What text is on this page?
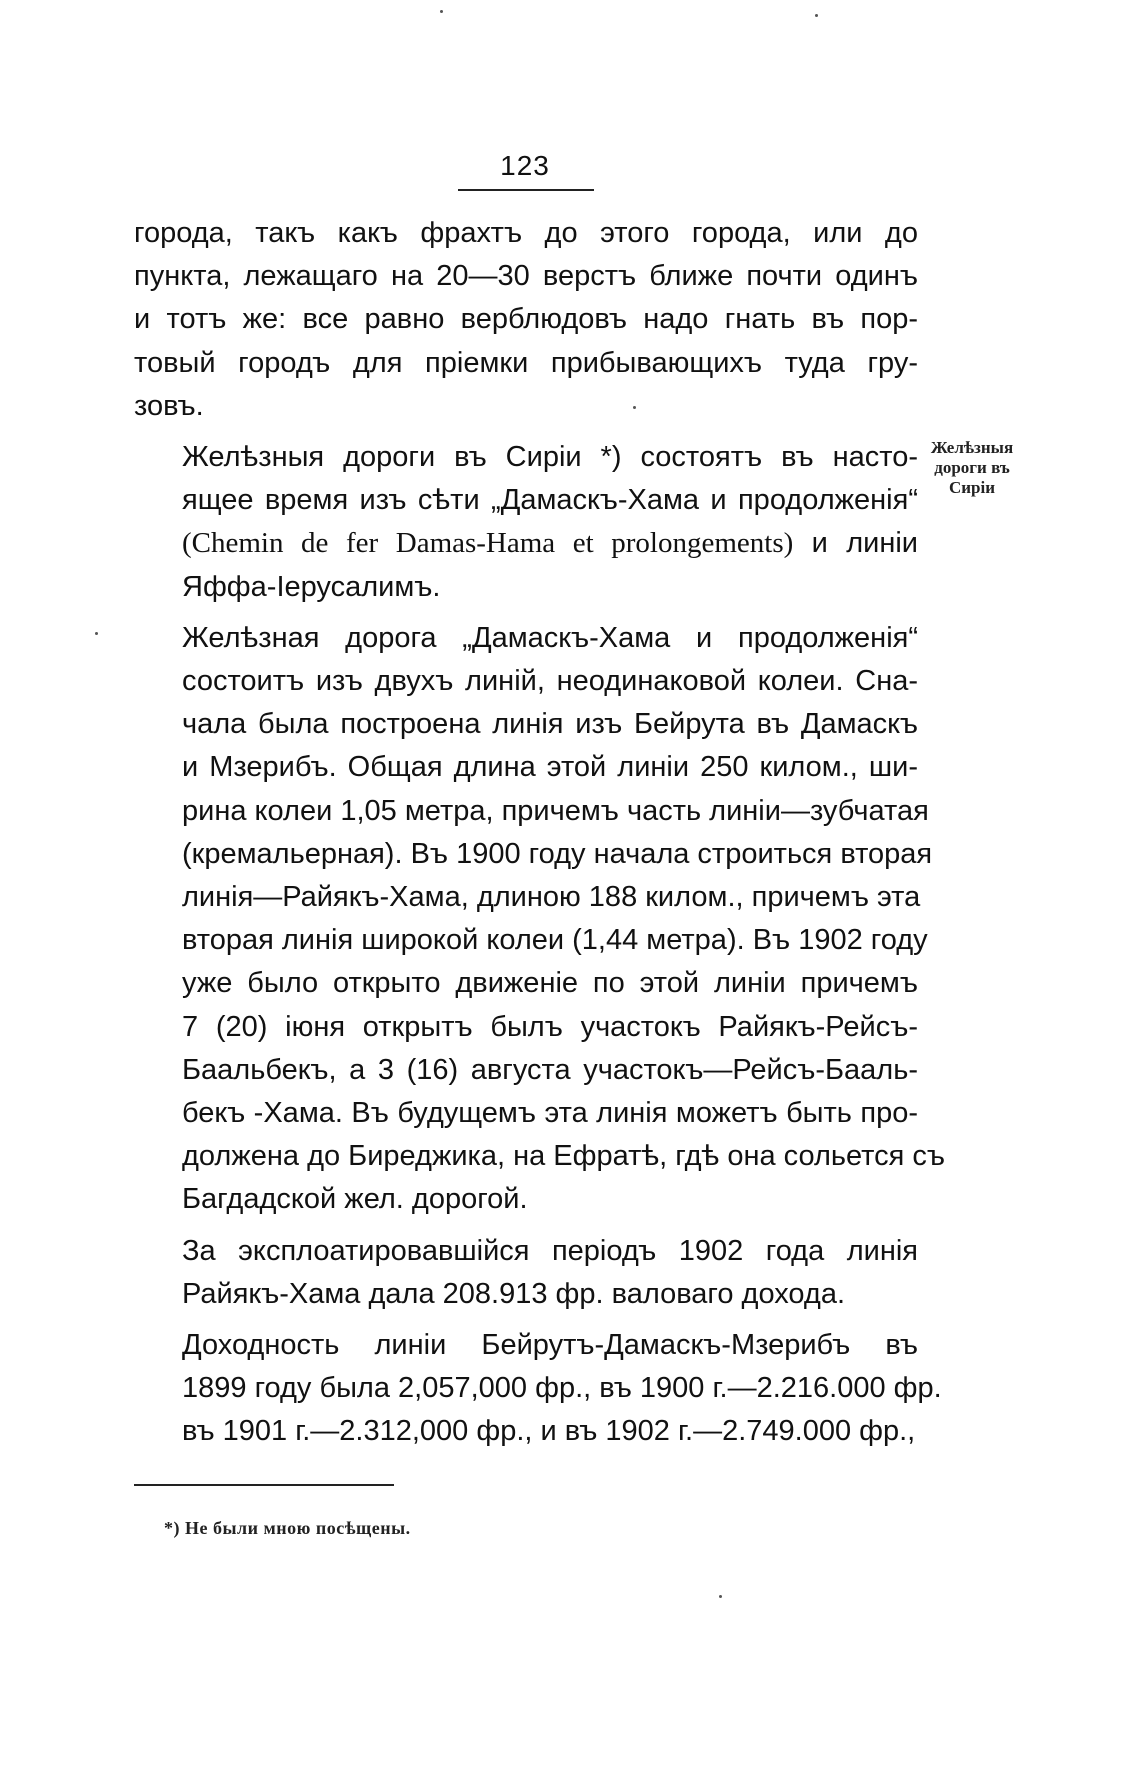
123

города, такъ какъ фрахтъ до этого города, или до
пункта, лежащаго на 20—30 верстъ ближе почти одинъ
и тотъ же: все равно верблюдовъ надо гнать въ пор-
товый городъ для пріемки прибывающихъ туда гру-
зовъ.

Желѣзныя дороги въ Сиріи *) состоятъ въ насто-
ящее время изъ сѣти „Дамаскъ-Хама и продолженія“
(Chemin de fer Damas-Hama et prolongements) и линіи
Яффа-Іерусалимъ.

Желѣзная дорога „Дамаскъ-Хама и продолженія“
состоитъ изъ двухъ линій, неодинаковой колеи. Сна-
чала была построена линія изъ Бейрута въ Дамаскъ
и Мзерибъ. Общая длина этой линіи 250 килом., ши-
рина колеи 1,05 метра, причемъ часть линіи—зубчатая
(кремальерная). Въ 1900 году начала строиться вторая
линія—Райякъ-Хама, длиною 188 килом., причемъ эта
вторая линія широкой колеи (1,44 метра). Въ 1902 году
уже было открыто движеніе по этой линіи причемъ
7 (20) іюня открытъ былъ участокъ Райякъ-Рейсъ-
Баальбекъ, а 3 (16) августа участокъ—Рейсъ-Бааль-
бекъ -Хама. Въ будущемъ эта линія можетъ быть про-
должена до Биреджика, на Ефратѣ, гдѣ она сольется съ
Багдадской жел. дорогой.

За эксплоатировавшійся періодъ 1902 года линія
Райякъ-Хама дала 208.913 фр. валоваго дохода.

Доходность линіи Бейрутъ-Дамаскъ-Мзерибъ въ
1899 году была 2,057,000 фр., въ 1900 г.—2.216.000 фр.
въ 1901 г.—2.312,000 фр., и въ 1902 г.—2.749.000 фр.,

Желѣзныя
дороги въ
Сиріи
*) Не были мною посѣщены.
